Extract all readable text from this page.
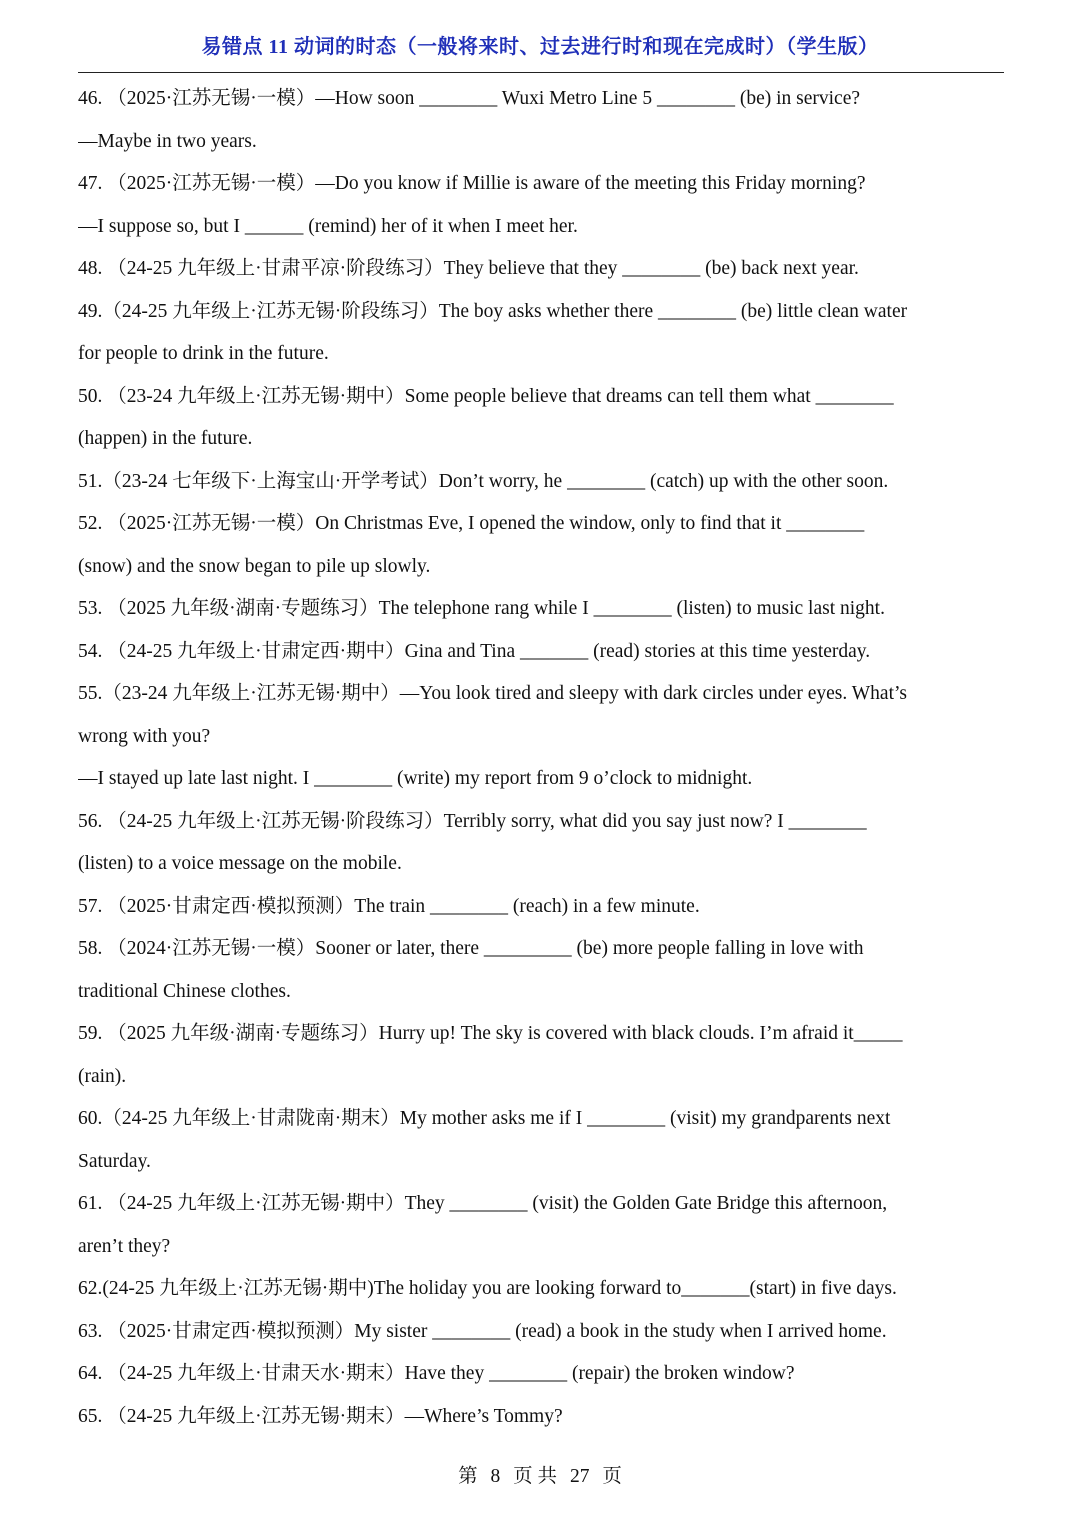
易错点 11 动词的时态（一般将来时、过去进行时和现在完成时）（学生版）
46. （2025·江苏无锡·一模）—How soon ________ Wuxi Metro Line 5 ________ (be) in service?
—Maybe in two years.
47. （2025·江苏无锡·一模）—Do you know if Millie is aware of the meeting this Friday morning?
—I suppose so, but I ______ (remind) her of it when I meet her.
48. （24-25 九年级上·甘肃平凉·阶段练习）They believe that they ________ (be) back next year.
49.（24-25 九年级上·江苏无锡·阶段练习）The boy asks whether there ________ (be) little clean water
for people to drink in the future.
50. （23-24 九年级上·江苏无锡·期中）Some people believe that dreams can tell them what ________
(happen) in the future.
51.（23-24 七年级下·上海宝山·开学考试）Don’t worry, he ________ (catch) up with the other soon.
52. （2025·江苏无锡·一模）On Christmas Eve, I opened the window, only to find that it ________
(snow) and the snow began to pile up slowly.
53. （2025 九年级·湖南·专题练习）The telephone rang while I ________ (listen) to music last night.
54. （24-25 九年级上·甘肃定西·期中）Gina and Tina _______ (read) stories at this time yesterday.
55.（23-24 九年级上·江苏无锡·期中）—You look tired and sleepy with dark circles under eyes. What’s
wrong with you?
—I stayed up late last night. I ________ (write) my report from 9 o’clock to midnight.
56. （24-25 九年级上·江苏无锡·阶段练习）Terribly sorry, what did you say just now? I ________
(listen) to a voice message on the mobile.
57. （2025·甘肃定西·模拟预测）The train ________ (reach) in a few minute.
58. （2024·江苏无锡·一模）Sooner or later, there _________ (be) more people falling in love with
traditional Chinese clothes.
59. （2025 九年级·湖南·专题练习）Hurry up! The sky is covered with black clouds. I’m afraid it_____
(rain).
60.（24-25 九年级上·甘肃陇南·期末）My mother asks me if I ________ (visit) my grandparents next
Saturday.
61. （24-25 九年级上·江苏无锡·期中）They ________ (visit) the Golden Gate Bridge this afternoon,
aren’t they?
62.(24-25 九年级上·江苏无锡·期中)The holiday you are looking forward to_______(start) in five days.
63. （2025·甘肃定西·模拟预测）My sister ________ (read) a book in the study when I arrived home.
64. （24-25 九年级上·甘肃天水·期末）Have they ________ (repair) the broken window?
65. （24-25 九年级上·江苏无锡·期末）—Where’s Tommy?
第 8 页 共 27 页
